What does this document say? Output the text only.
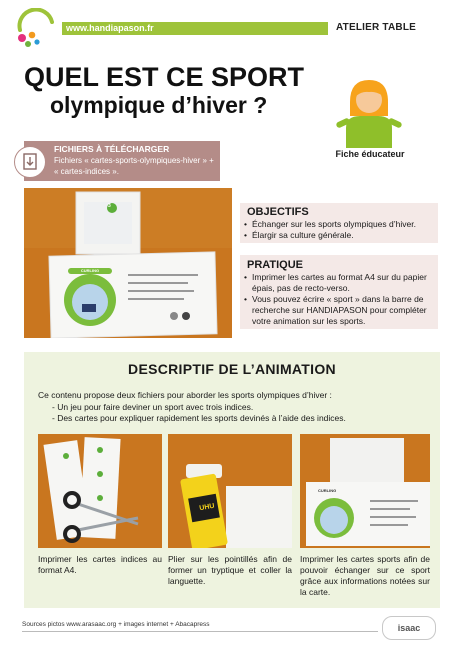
www.handiapason.fr	ATELIER TABLE
QUEL EST CE SPORT
olympique d’hiver ?
Fiche éducateur
FICHIERS À TÉLÉCHARGER
Fichiers « cartes-sports-olympiques-hiver » + « cartes-indices ».
3
CURLING
OBJECTIFS
• Échanger sur les sports olympiques d’hiver.
• Élargir sa culture générale.
PRATIQUE
• Imprimer les cartes au format A4 sur du papier épais, pas de recto-verso.
• Vous pouvez écrire « sport » dans la barre de recherche sur HANDIAPASON pour compléter votre animation sur les sports.
DESCRIPTIF DE L’ANIMATION
Ce contenu propose deux fichiers pour aborder les sports olympiques d’hiver :
- Un jeu pour faire deviner un sport avec trois indices.
- Des cartes pour expliquer rapidement les sports devinés à l’aide des indices.
Imprimer les cartes indices au format A4.
UHU
Plier sur les pointillés afin de former un tryptique et coller la languette.
CURLING
Imprimer les cartes sports afin de pouvoir échanger sur ce sport grâce aux informations notées sur la carte.
Sources pictos www.arasaac.org + images internet + Abacapress	isaac
